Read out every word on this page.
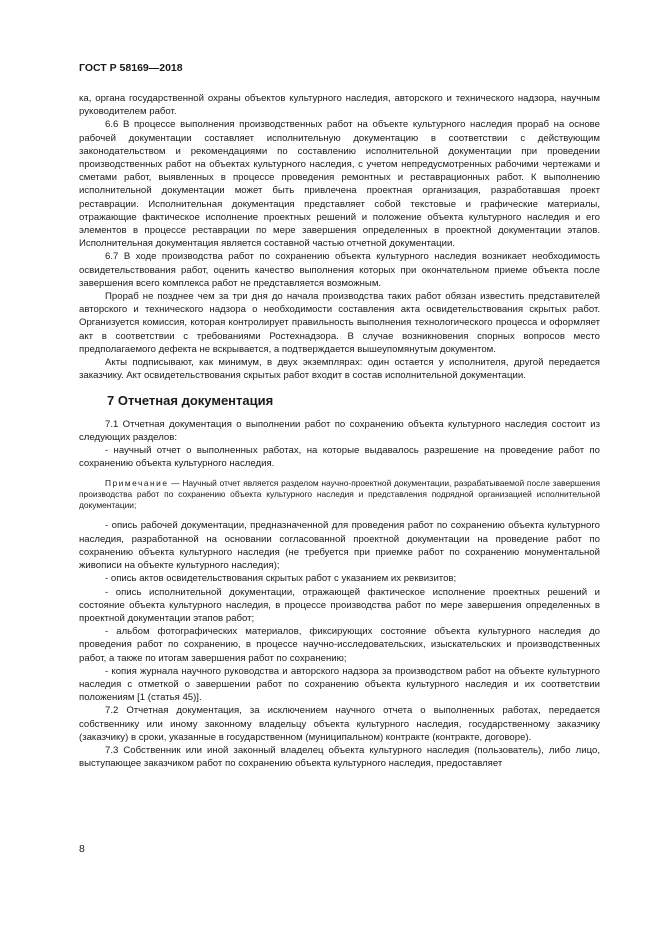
ГОСТ Р 58169—2018

ка, органа государственной охраны объектов культурного наследия, авторского и технического надзора, научным руководителем работ.

6.6 В процессе выполнения производственных работ на объекте культурного наследия прораб на основе рабочей документации составляет исполнительную документацию в соответствии с действующим законодательством и рекомендациями по составлению исполнительной документации при проведении производственных работ на объектах культурного наследия, с учетом непредусмотренных рабочими чертежами и сметами работ, выявленных в процессе проведения ремонтных и реставрационных работ. К выполнению исполнительной документации может быть привлечена проектная организация, разработавшая проект реставрации. Исполнительная документация представляет собой текстовые и графические материалы, отражающие фактическое исполнение проектных решений и положение объекта культурного наследия и его элементов в процессе реставрации по мере завершения определенных в проектной документации этапов. Исполнительная документация является составной частью отчетной документации.

6.7 В ходе производства работ по сохранению объекта культурного наследия возникает необходимость освидетельствования работ, оценить качество выполнения которых при окончательном приеме объекта после завершения всего комплекса работ не представляется возможным.

Прораб не позднее чем за три дня до начала производства таких работ обязан известить представителей авторского и технического надзора о необходимости составления акта освидетельствования скрытых работ. Организуется комиссия, которая контролирует правильность выполнения технологического процесса и оформляет акт в соответствии с требованиями Ростехнадзора. В случае возникновения спорных вопросов место предполагаемого дефекта не вскрывается, а подтверждается вышеупомянутым документом.

Акты подписывают, как минимум, в двух экземплярах: один остается у исполнителя, другой передается заказчику. Акт освидетельствования скрытых работ входит в состав исполнительной документации.

7 Отчетная документация

7.1 Отчетная документация о выполнении работ по сохранению объекта культурного наследия состоит из следующих разделов:

- научный отчет о выполненных работах, на которые выдавалось разрешение на проведение работ по сохранению объекта культурного наследия.

Примечание — Научный отчет является разделом научно-проектной документации, разрабатываемой после завершения производства работ по сохранению объекта культурного наследия и представления подрядной организацией исполнительной документации;

- опись рабочей документации, предназначенной для проведения работ по сохранению объекта культурного наследия, разработанной на основании согласованной проектной документации на проведение работ по сохранению объекта культурного наследия (не требуется при приемке работ по сохранению монументальной живописи на объекте культурного наследия);

- опись актов освидетельствования скрытых работ с указанием их реквизитов;

- опись исполнительной документации, отражающей фактическое исполнение проектных решений и состояние объекта культурного наследия, в процессе производства работ по мере завершения определенных в проектной документации этапов работ;

- альбом фотографических материалов, фиксирующих состояние объекта культурного наследия до проведения работ по сохранению, в процессе научно-исследовательских, изыскательских и производственных работ, а также по итогам завершения работ по сохранению;

- копия журнала научного руководства и авторского надзора за производством работ на объекте культурного наследия с отметкой о завершении работ по сохранению объекта культурного наследия и их соответствии положениям [1 (статья 45)].

7.2 Отчетная документация, за исключением научного отчета о выполненных работах, передается собственнику или иному законному владельцу объекта культурного наследия, государственному заказчику (заказчику) в сроки, указанные в государственном (муниципальном) контракте (контракте, договоре).

7.3 Собственник или иной законный владелец объекта культурного наследия (пользователь), либо лицо, выступающее заказчиком работ по сохранению объекта культурного наследия, предоставляет

8
